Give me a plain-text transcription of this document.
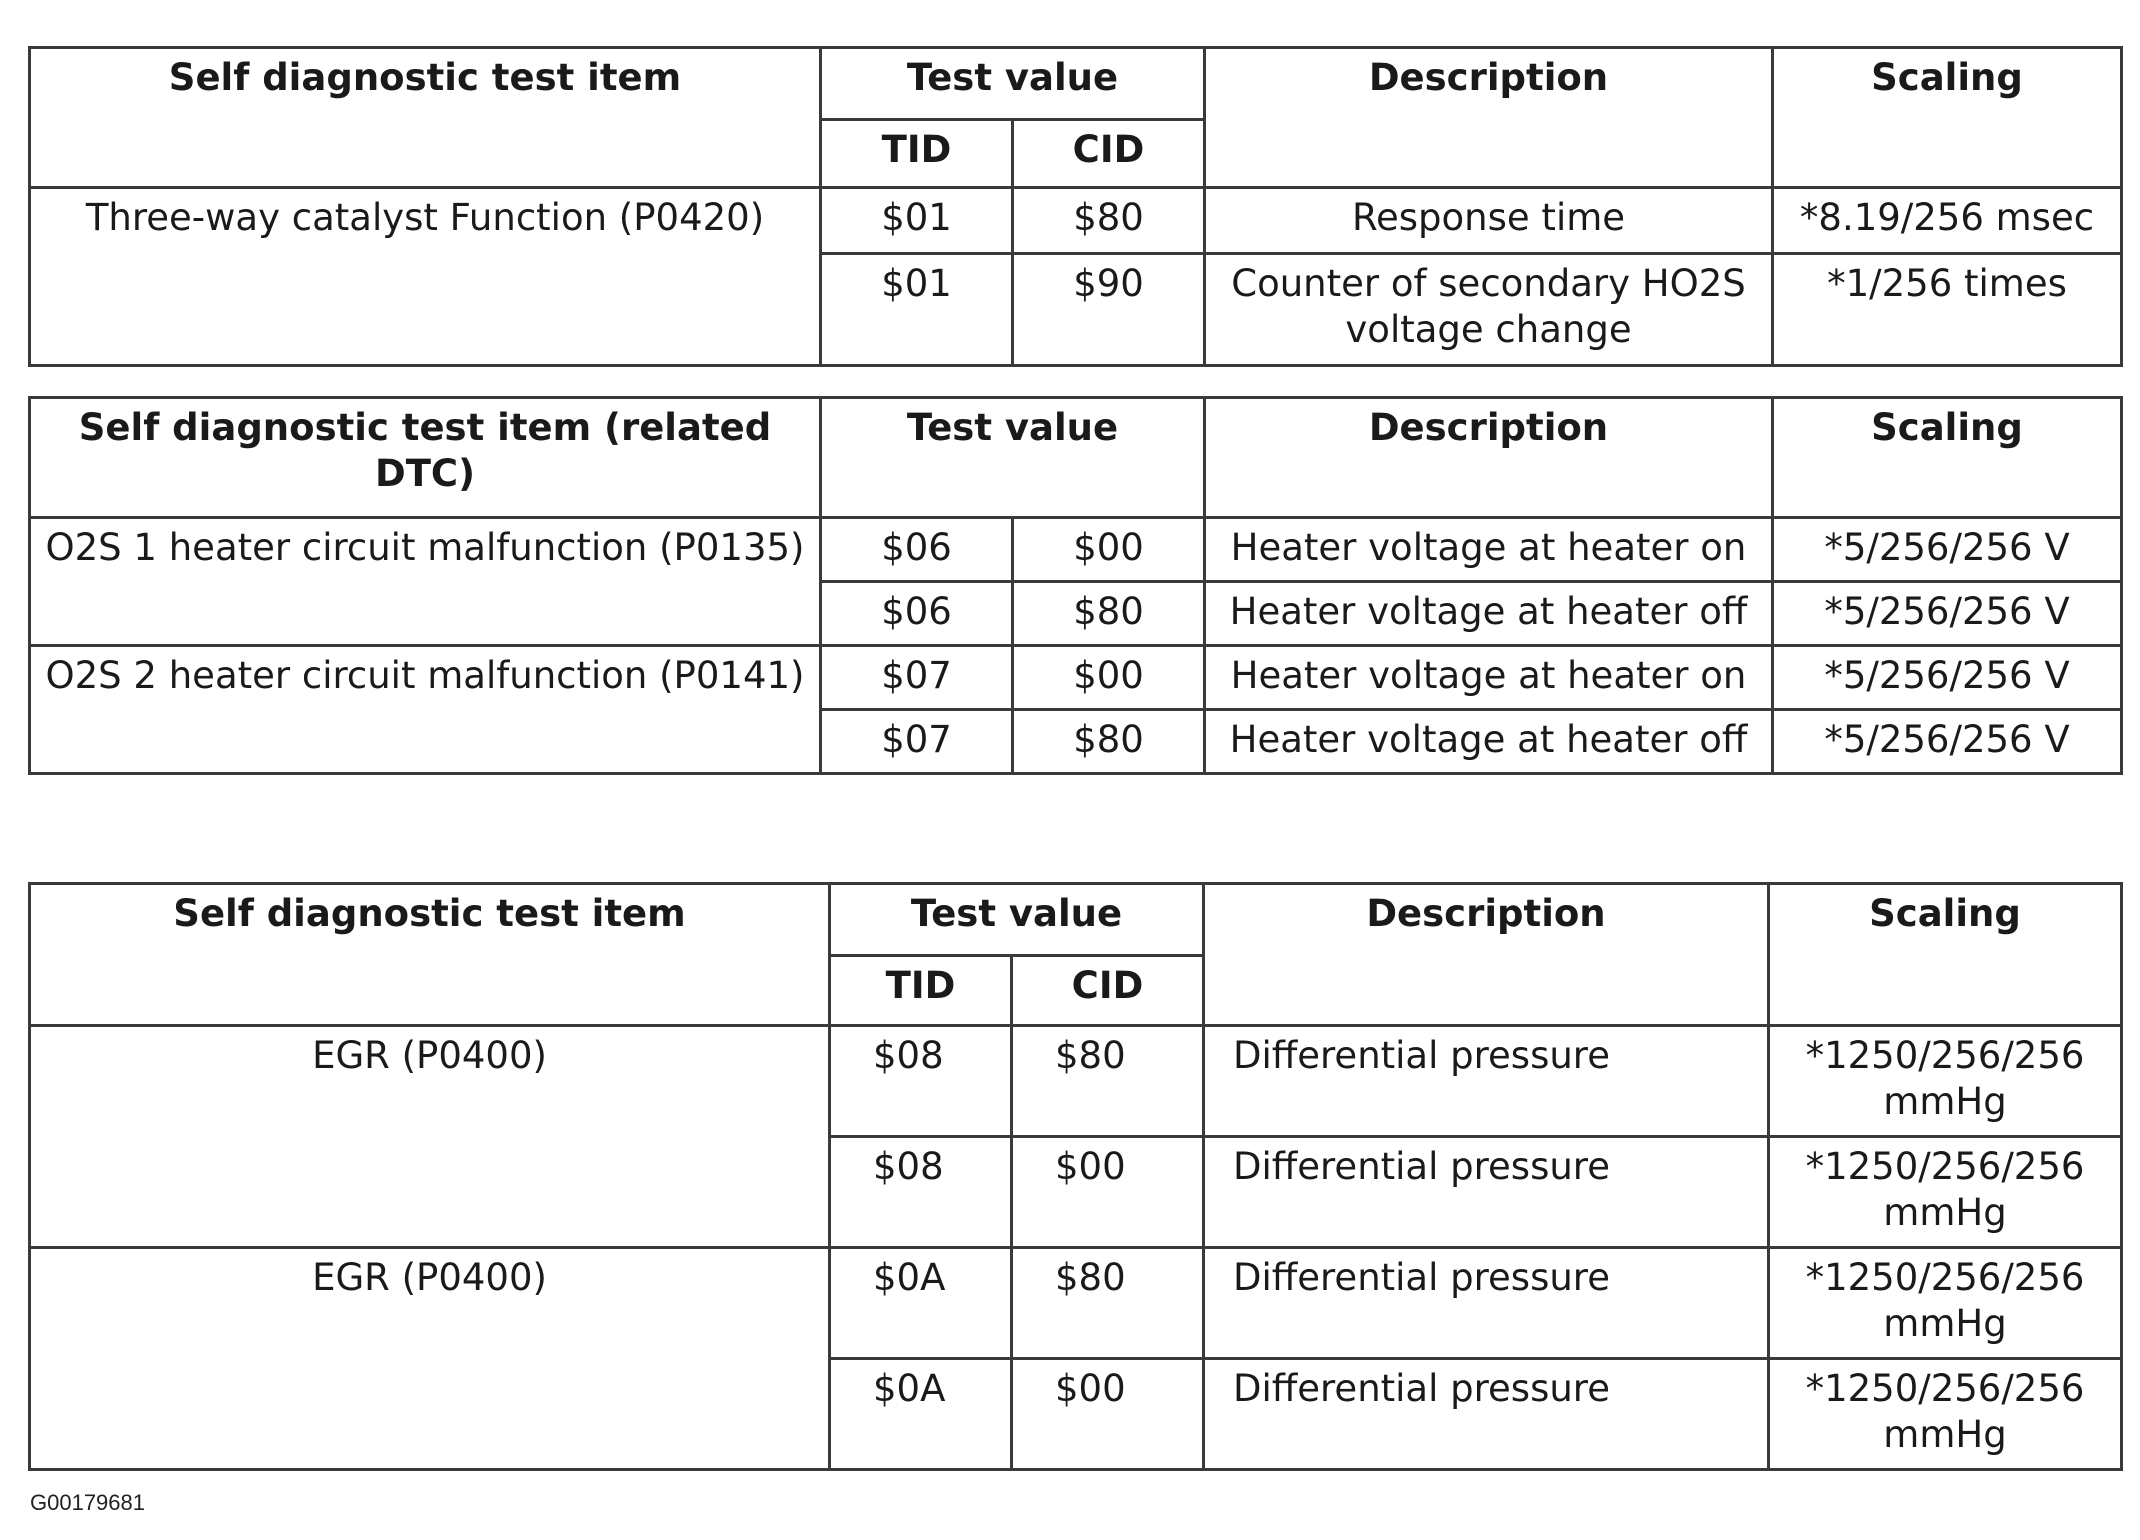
Self diagnostic test item	Test value		Description	Scaling
	TID	CID		
Three-way catalyst Function (P0420)	$01	$80	Response time	*8.19/256 msec
	$01	$90	Counter of secondary HO2S voltage change	*1/256 times
Self diagnostic test item (related DTC)	Test value		Description	Scaling
O2S 1 heater circuit malfunction (P0135)	$06	$00	Heater voltage at heater on	*5/256/256 V
	$06	$80	Heater voltage at heater off	*5/256/256 V
O2S 2 heater circuit malfunction (P0141)	$07	$00	Heater voltage at heater on	*5/256/256 V
	$07	$80	Heater voltage at heater off	*5/256/256 V
Self diagnostic test item	Test value		Description	Scaling
	TID	CID		
EGR (P0400)	$08	$80	Differential pressure	*1250/256/256 mmHg
	$08	$00	Differential pressure	*1250/256/256 mmHg
EGR (P0400)	$0A	$80	Differential pressure	*1250/256/256 mmHg
	$0A	$00	Differential pressure	*1250/256/256 mmHg
G00179681
